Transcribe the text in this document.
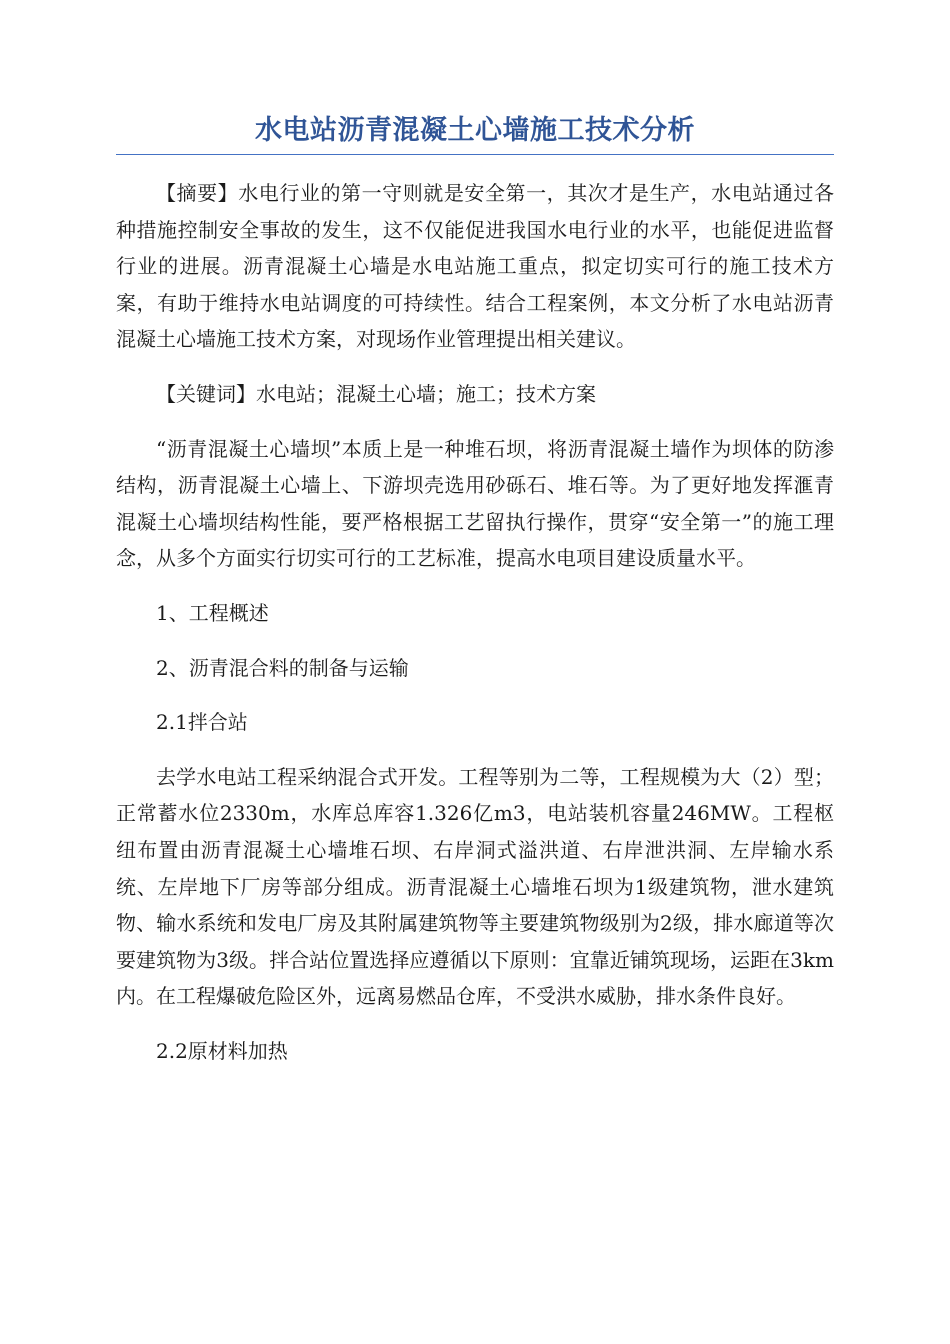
水电站沥青混凝土心墙施工技术分析

【摘要】水电行业的第一守则就是安全第一，其次才是生产，水电站通过各种措施控制安全事故的发生，这不仅能促进我国水电行业的水平，也能促进监督行业的进展。沥青混凝土心墙是水电站施工重点，拟定切实可行的施工技术方案，有助于维持水电站调度的可持续性。结合工程案例，本文分析了水电站沥青混凝土心墙施工技术方案，对现场作业管理提出相关建议。

【关键词】水电站；混凝土心墙；施工；技术方案

“沥青混凝土心墙坝”本质上是一种堆石坝，将沥青混凝土墙作为坝体的防渗结构，沥青混凝土心墙上、下游坝壳选用砂砾石、堆石等。为了更好地发挥滙青混凝土心墙坝结构性能，要严格根据工艺留执行操作，贯穿“安全第一”的施工理念，从多个方面实行切实可行的工艺标准，提高水电项目建设质量水平。

1、工程概述

2、沥青混合料的制备与运输

2.1拌合站

去学水电站工程采纳混合式开发。工程等别为二等，工程规模为大（2）型；正常蓄水位2330m，水库总库容1.326亿m3，电站装机容量246MW。工程枢纽布置由沥青混凝土心墙堆石坝、右岸洞式溢洪道、右岸泄洪洞、左岸输水系统、左岸地下厂房等部分组成。沥青混凝土心墙堆石坝为1级建筑物，泄水建筑物、输水系统和发电厂房及其附属建筑物等主要建筑物级别为2级，排水廊道等次要建筑物为3级。拌合站位置选择应遵循以下原则：宜靠近铺筑现场，运距在3km内。在工程爆破危险区外，远离易燃品仓库，不受洪水威胁，排水条件良好。

2.2原材料加热
